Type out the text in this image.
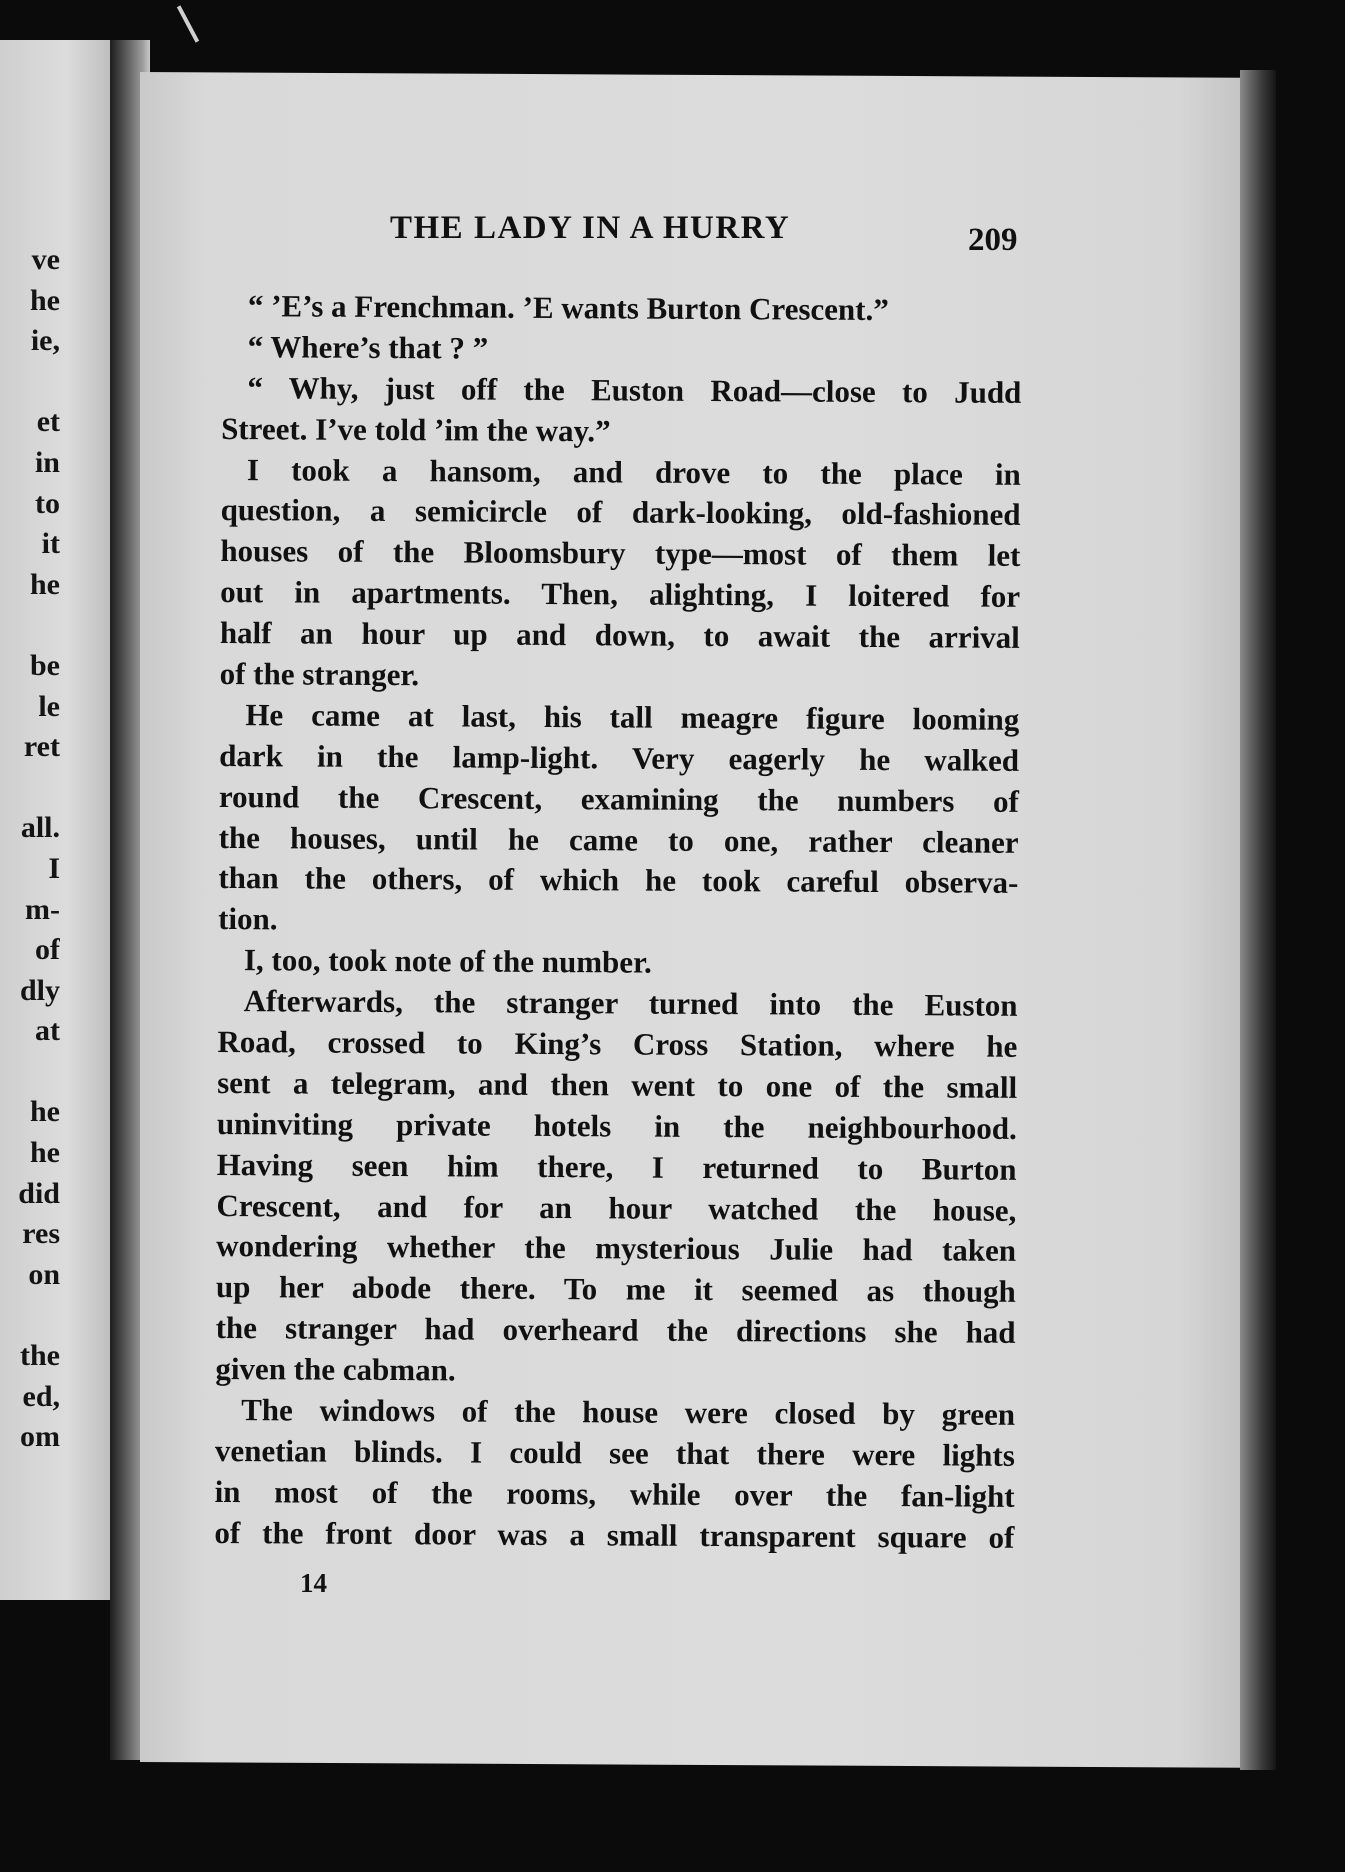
ve
he
ie,
et
in
to
it
he
be
le
ret
all.
I
m-
of
dly
at
he
he
did
res
on
the
ed,
om
THE LADY IN A HURRY	209
“ ’E’s a Frenchman. ’E wants Burton Crescent.”
“ Where’s that ? ”
“ Why, just off the Euston Road—close to Judd
Street. I’ve told ’im the way.”
I took a hansom, and drove to the place in
question, a semicircle of dark-looking, old-fashioned
houses of the Bloomsbury type—most of them let
out in apartments. Then, alighting, I loitered for
half an hour up and down, to await the arrival
of the stranger.
He came at last, his tall meagre figure looming
dark in the lamp-light. Very eagerly he walked
round the Crescent, examining the numbers of
the houses, until he came to one, rather cleaner
than the others, of which he took careful observa-
tion.
I, too, took note of the number.
Afterwards, the stranger turned into the Euston
Road, crossed to King’s Cross Station, where he
sent a telegram, and then went to one of the small
uninviting private hotels in the neighbourhood.
Having seen him there, I returned to Burton
Crescent, and for an hour watched the house,
wondering whether the mysterious Julie had taken
up her abode there. To me it seemed as though
the stranger had overheard the directions she had
given the cabman.
The windows of the house were closed by green
venetian blinds. I could see that there were lights
in most of the rooms, while over the fan-light
of the front door was a small transparent square of
14
